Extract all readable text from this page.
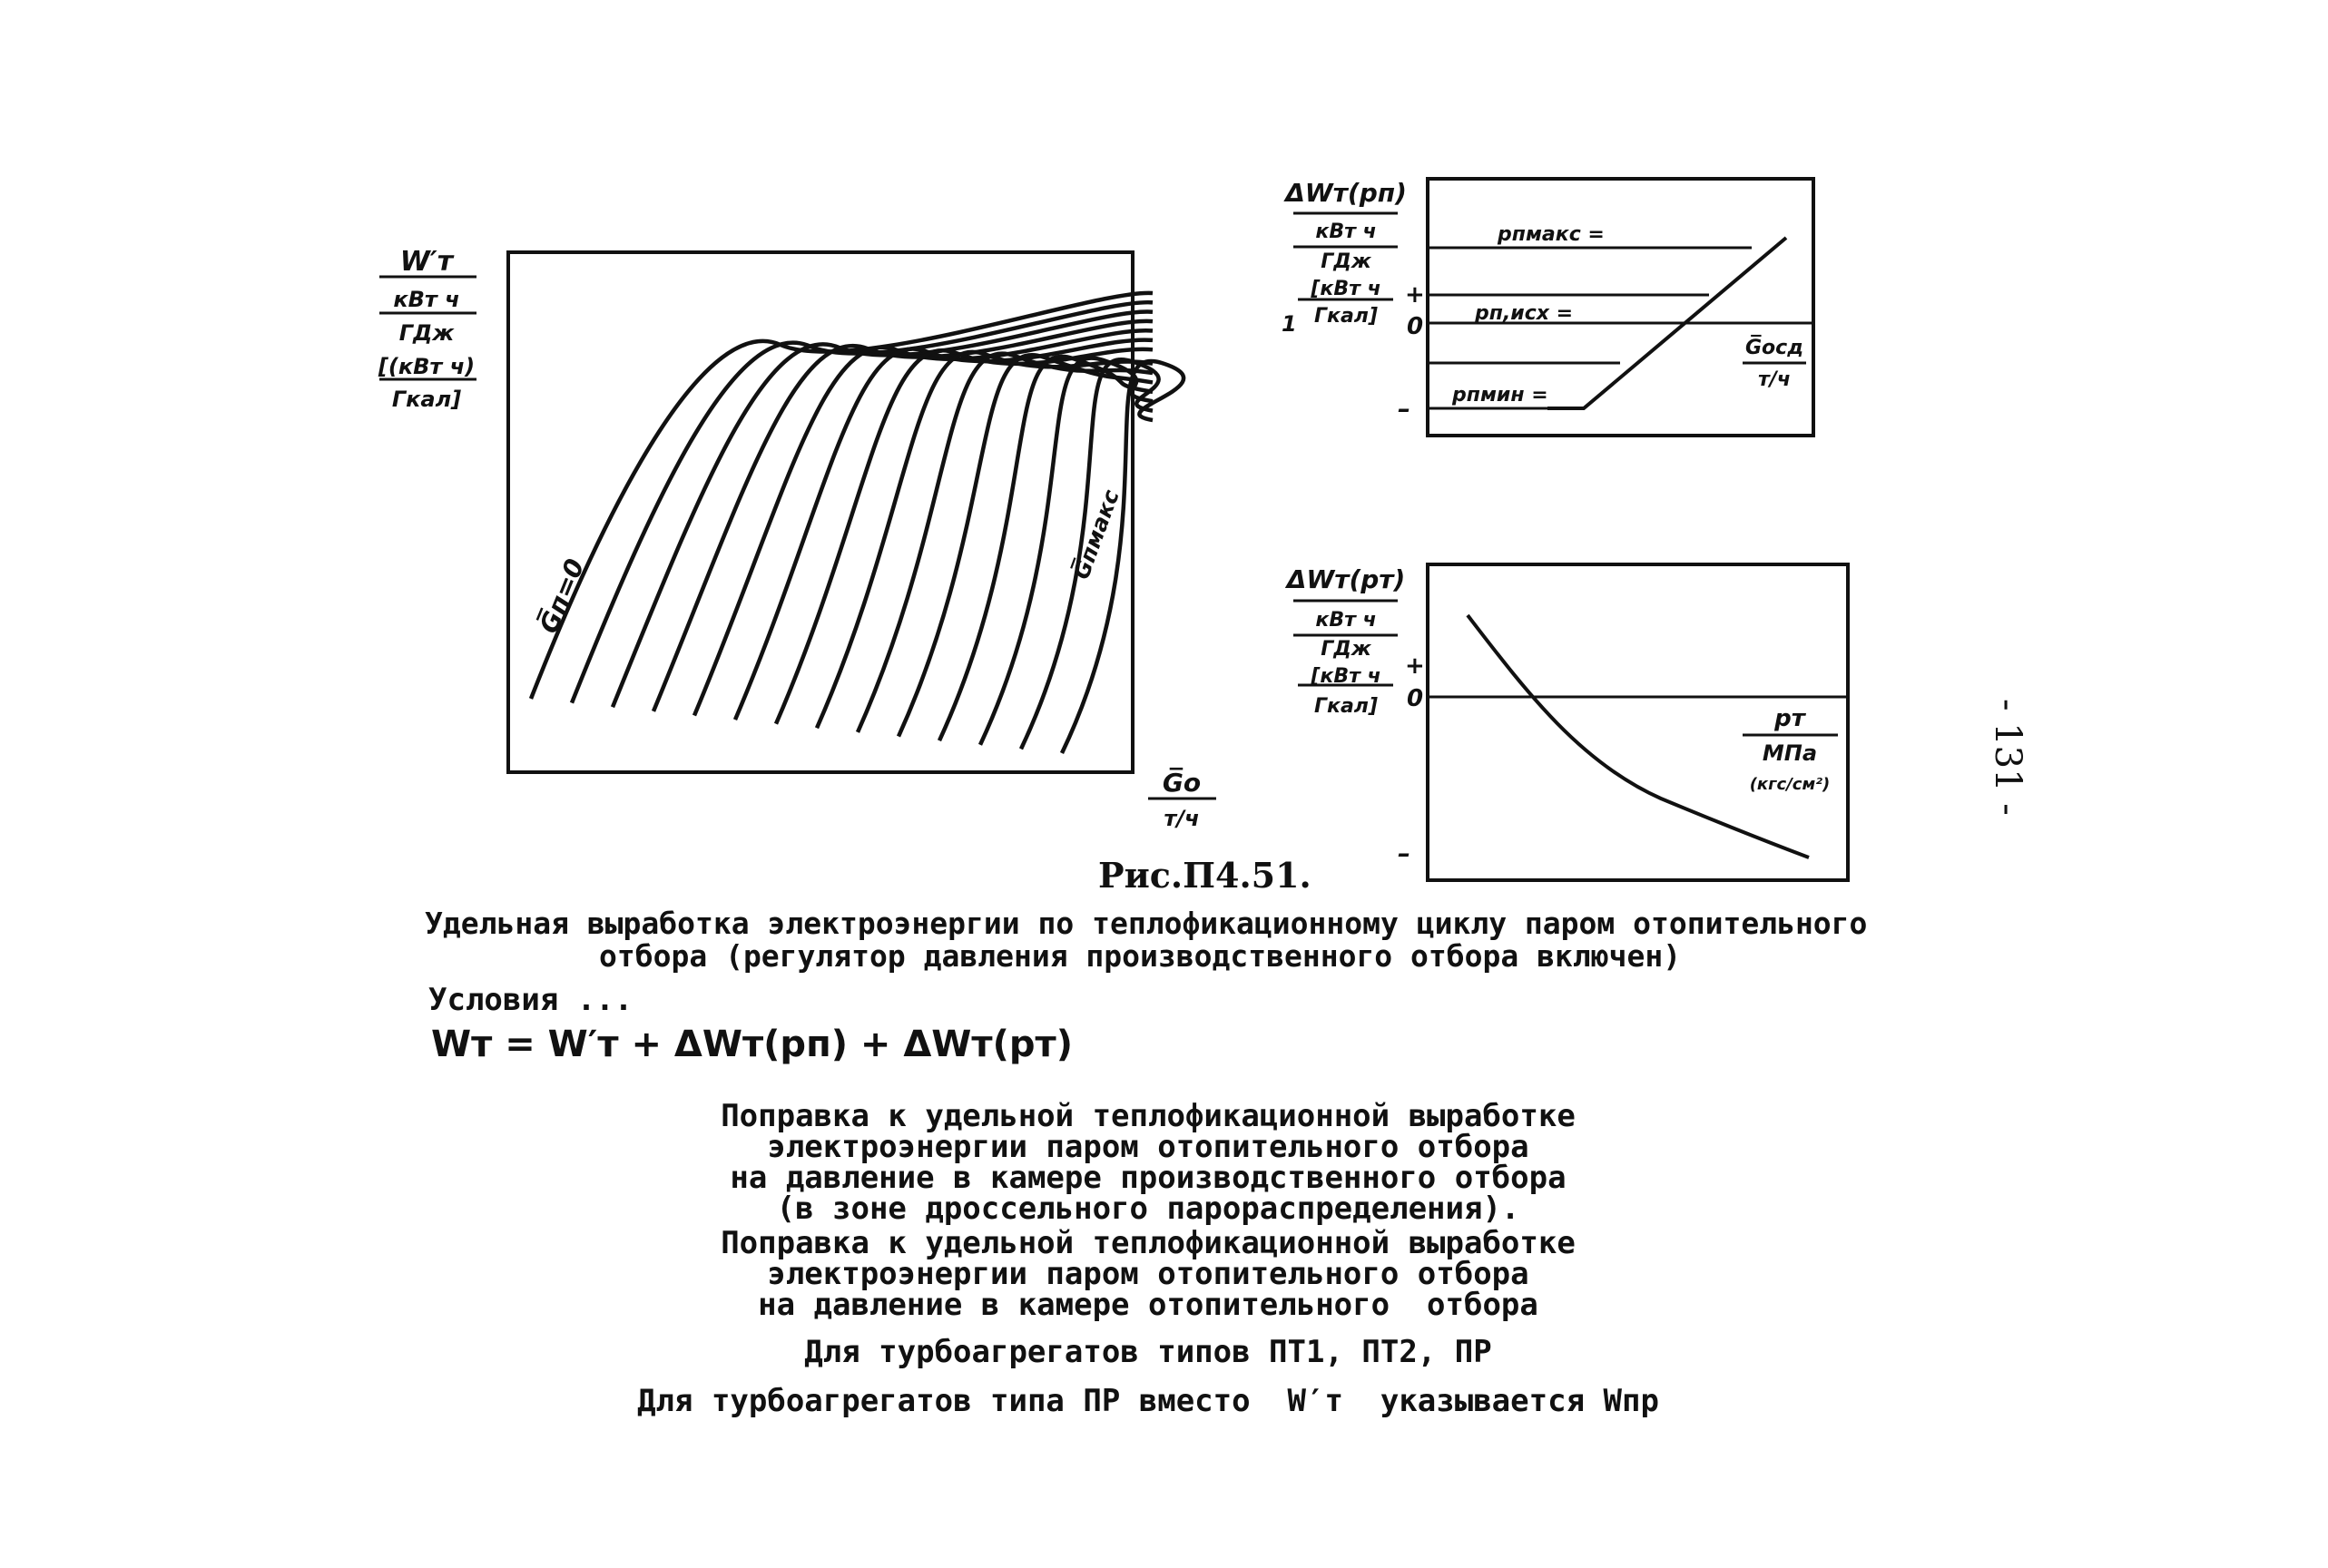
W′т
кВт ч
ГДж
[(кВт ч)
Гкал]
G̅о
т/ч
G̅п=0
G̅пмакс
ΔWт(pп)
кВт ч
ГДж
[кВт ч
Гкал]
1
+
0
–
pпмакс =
pп,исх =
pпмин =
G̅осд
т/ч
ΔWт(pт)
кВт ч
ГДж
[кВт ч
Гкал]
+
0
–
pт
МПа
(кгс/см²)	- 131 -
Рис.П4.51.
Удельная выработка электроэнергии по теплофикационному циклу паром отопительного
отбора (регулятор давления производственного отбора включен)
Условия ...
Wт = W′т + ΔWт(pп) + ΔWт(pт)
Поправка к удельной теплофикационной выработке
электроэнергии паром отопительного отбора
на давление в камере производственного отбора
(в зоне дроссельного парораспределения).
Поправка к удельной теплофикационной выработке
электроэнергии паром отопительного отбора
на давление в камере отопительного  отбора
Для турбоагрегатов типов ПТ1, ПТ2, ПР
Для турбоагрегатов типа ПР вместо  W′т  указывается Wпр
